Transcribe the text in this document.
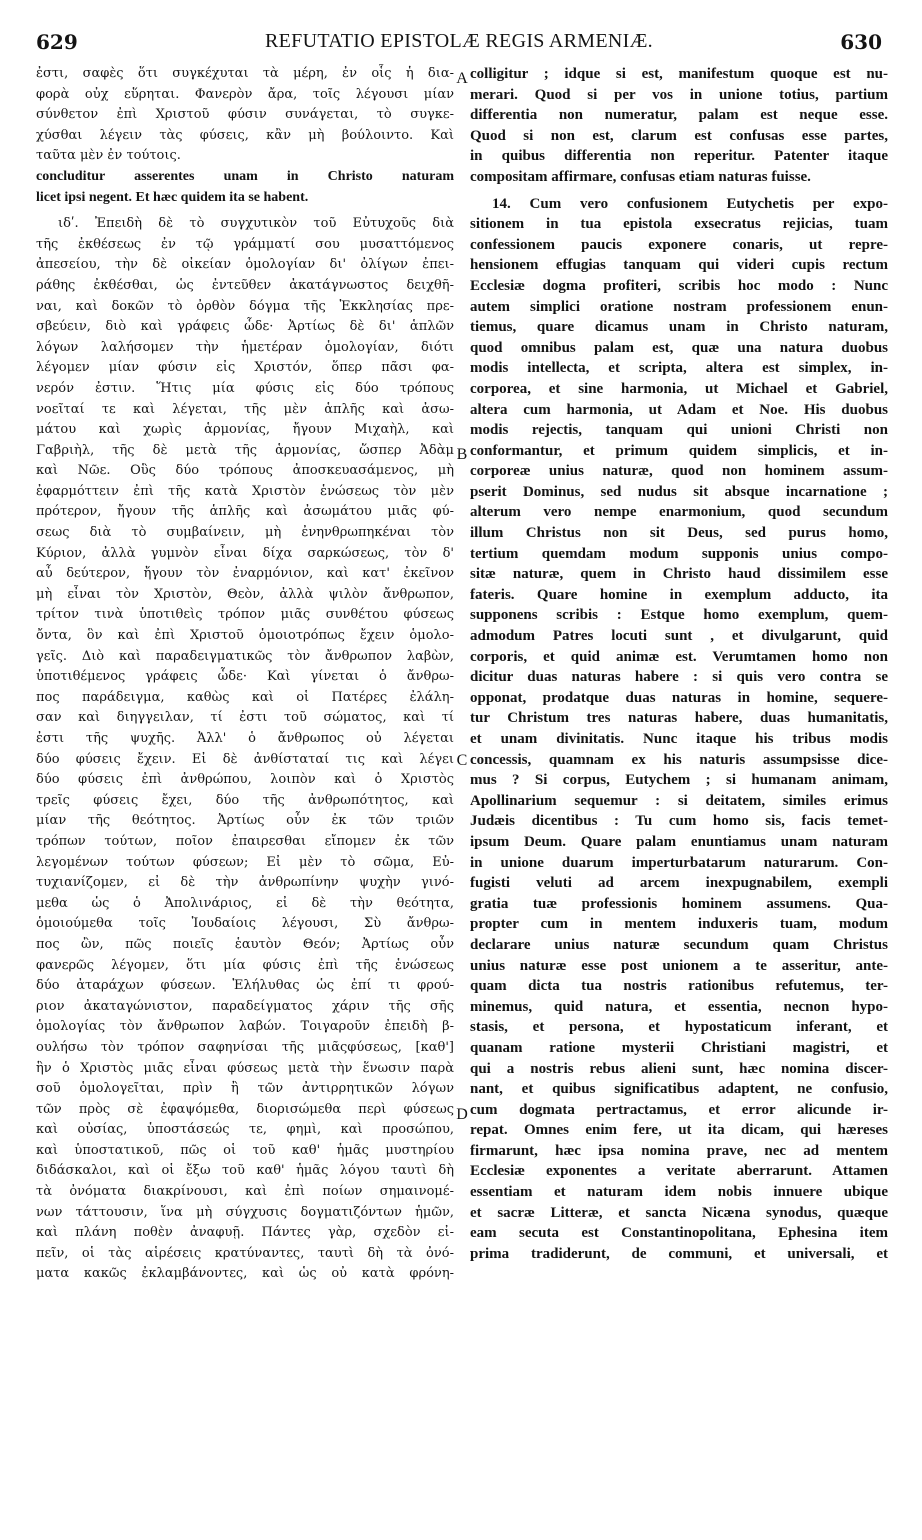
629	REFUTATIO EPISTOLÆ REGIS ARMENIÆ.	630
ἐστι, σαφὲς ὅτι συγκέχυται τὰ μέρη, ἐν οἷς ἡ δια-
φορὰ οὐχ εὕρηται. Φανερὸν ἄρα, τοῖς λέγουσι μίαν
σύνθετον ἐπὶ Χριστοῦ φύσιν συνάγεται, τὸ συγκε-
χύσθαι λέγειν τὰς φύσεις, κἂν μὴ βούλοιντο. Καὶ
ταῦτα μὲν ἐν τούτοις.
concluditur asserentes unam in Christo naturam
licet ipsi negent. Et hæc quidem ita se habent.
ιδʹ. Ἐπειδὴ δὲ τὸ συγχυτικὸν τοῦ Εὐτυχοῦς διὰ
τῆς ἐκθέσεως ἐν τῷ γράμματί σου μυσαττόμενος
ἀπεσείου, τὴν δὲ οἰκείαν ὁμολογίαν δι' ὀλίγων ἐπει-
ράθης ἐκθέσθαι, ὡς ἐντεῦθεν ἀκατάγνωστος δειχθῆ-
ναι, καὶ δοκῶν τὸ ὀρθὸν δόγμα τῆς Ἐκκλησίας πρε-
σβεύειν, διὸ καὶ γράφεις ὧδε· Ἀρτίως δὲ δι' ἁπλῶν
λόγων λαλήσομεν τὴν ἡμετέραν ὁμολογίαν, διότι
λέγομεν μίαν φύσιν εἰς Χριστόν, ὅπερ πᾶσι φα-
νερόν ἐστιν. Ἥτις μία φύσις εἰς δύο τρόπους
νοεῖταί τε καὶ λέγεται, τῆς μὲν ἁπλῆς καὶ ἀσω-
μάτου καὶ χωρὶς ἁρμονίας, ἤγουν Μιχαὴλ, καὶ
Γαβριὴλ, τῆς δὲ μετὰ τῆς ἁρμονίας, ὥσπερ Ἀδὰμ
καὶ Νῶε. Οὓς δύο τρόπους ἀποσκευασάμενος, μὴ
ἐφαρμόττειν ἐπὶ τῆς κατὰ Χριστὸν ἑνώσεως τὸν μὲν
πρότερον, ἤγουν τῆς ἁπλῆς καὶ ἀσωμάτου μιᾶς φύ-
σεως διὰ τὸ συμβαίνειν, μὴ ἐνηνθρωπηκέναι τὸν
Κύριον, ἀλλὰ γυμνὸν εἶναι δίχα σαρκώσεως, τὸν δ'
αὖ δεύτερον, ἤγουν τὸν ἐναρμόνιον, καὶ κατ' ἐκεῖνον
μὴ εἶναι τὸν Χριστὸν, Θεὸν, ἀλλὰ ψιλὸν ἄνθρωπον,
τρίτον τινὰ ὑποτιθεὶς τρόπον μιᾶς συνθέτου φύσεως
ὄντα, ὃν καὶ ἐπὶ Χριστοῦ ὁμοιοτρόπως ἔχειν ὁμολο-
γεῖς. Διὸ καὶ παραδειγματικῶς τὸν ἄνθρωπον λαβὼν,
ὑποτιθέμενος γράφεις ὧδε· Καὶ γίνεται ὁ ἄνθρω-
πος παράδειγμα, καθὼς καὶ οἱ Πατέρες ἐλάλη-
σαν καὶ διηγγειλαν, τί ἐστι τοῦ σώματος, καὶ τί
ἐστι τῆς ψυχῆς. Ἀλλ' ὁ ἄνθρωπος οὐ λέγεται
δύο φύσεις ἔχειν. Εἰ δὲ ἀνθίσταταί τις καὶ λέγει
δύο φύσεις ἐπὶ ἀνθρώπου, λοιπὸν καὶ ὁ Χριστὸς
τρεῖς φύσεις ἔχει, δύο τῆς ἀνθρωπότητος, καὶ
μίαν τῆς θεότητος. Ἀρτίως οὖν ἐκ τῶν τριῶν
τρόπων τούτων, ποῖον ἐπαιρεσθαι εἴπομεν ἐκ τῶν
λεγομένων τούτων φύσεων; Εἰ μὲν τὸ σῶμα, Εὐ-
τυχιανίζομεν, εἰ δὲ τὴν ἀνθρωπίνην ψυχὴν γινό-
μεθα ὡς ὁ Ἀπολινάριος, εἰ δὲ τὴν θεότητα,
ὁμοιούμεθα τοῖς Ἰουδαίοις λέγουσι, Σὺ ἄνθρω-
πος ὢν, πῶς ποιεῖς ἑαυτὸν Θεόν; Ἀρτίως οὖν
φανερῶς λέγομεν, ὅτι μία φύσις ἐπὶ τῆς ἑνώσεως
δύο ἀταράχων φύσεων. Ἐλήλυθας ὡς ἐπί τι φρού-
ριον ἀκαταγώνιστον, παραδείγματος χάριν τῆς σῆς
ὁμολογίας τὸν ἄνθρωπον λαβών. Τοιγαροῦν ἐπειδὴ β-
ουλήσω τὸν τρόπον σαφηνίσαι τῆς μιᾶςφύσεως, [καθ']
ἣν ὁ Χριστὸς μιᾶς εἶναι φύσεως μετὰ τὴν ἕνωσιν παρὰ
σοῦ ὁμολογεῖται, πρὶν ἢ τῶν ἀντιρρητικῶν λόγων
τῶν πρὸς σὲ ἐφαψόμεθα, διορισώμεθα περὶ φύσεως
καὶ οὐσίας, ὑποστάσεώς τε, φημὶ, καὶ προσώπου,
καὶ ὑποστατικοῦ, πῶς οἱ τοῦ καθ' ἡμᾶς μυστηρίου
διδάσκαλοι, καὶ οἱ ἔξω τοῦ καθ' ἡμᾶς λόγου ταυτὶ δὴ
τὰ ὀνόματα διακρίνουσι, καὶ ἐπὶ ποίων σημαινομέ-
νων τάττουσιν, ἵνα μὴ σύγχυσις δογματιζόντων ἡμῶν,
καὶ πλάνη ποθὲν ἀναφυῇ. Πάντες γὰρ, σχεδὸν εἰ-
πεῖν, οἱ τὰς αἱρέσεις κρατύναντες, ταυτὶ δὴ τὰ ὀνό-
ματα κακῶς ἐκλαμβάνοντες, καὶ ὡς οὐ κατὰ φρόνη-
colligitur ; idque si est, manifestum quoque est nu-
merari. Quod si per vos in unione totius, partium
differentia non numeratur, palam est neque esse.
Quod si non est, clarum est confusas esse partes,
in quibus differentia non reperitur. Patenter itaque
compositam affirmare, confusas etiam naturas fuisse.
14. Cum vero confusionem Eutychetis per expo-
sitionem in tua epistola exsecratus rejicias, tuam
confessionem paucis exponere conaris, ut repre-
hensionem effugias tanquam qui videri cupis rectum
Ecclesiæ dogma profiteri, scribis hoc modo : Nunc
autem simplici oratione nostram professionem enun-
tiemus, quare dicamus unam in Christo naturam,
quod omnibus palam est, quæ una natura duobus
modis intellecta, et scripta, altera est simplex, in-
corporea, et sine harmonia, ut Michael et Gabriel,
altera cum harmonia, ut Adam et Noe. His duobus
modis rejectis, tanquam qui unioni Christi non
conformantur, et primum quidem simplicis, et in-
corporeæ unius naturæ, quod non hominem assum-
pserit Dominus, sed nudus sit absque incarnatione ;
alterum vero nempe enarmonium, quod secundum
illum Christus non sit Deus, sed purus homo,
tertium quemdam modum supponis unius compo-
sitæ naturæ, quem in Christo haud dissimilem esse
fateris. Quare homine in exemplum adducto, ita
supponens scribis : Estque homo exemplum, quem-
admodum Patres locuti sunt , et divulgarunt, quid
corporis, et quid animæ est. Verumtamen homo non
dicitur duas naturas habere : si quis vero contra se
opponat, prodatque duas naturas in homine, sequere-
tur Christum tres naturas habere, duas humanitatis,
et unam divinitatis. Nunc itaque his tribus modis
concessis, quamnam ex his naturis assumpsisse dice-
mus ? Si corpus, Eutychem ; si humanam animam,
Apollinarium sequemur : si deitatem, similes erimus
Judæis dicentibus : Tu cum homo sis, facis temet-
ipsum Deum. Quare palam enuntiamus unam naturam
in unione duarum imperturbatarum naturarum. Con-
fugisti veluti ad arcem inexpugnabilem, exempli
gratia tuæ professionis hominem assumens. Qua-
propter cum in mentem induxeris tuam, modum
declarare unius naturæ secundum quam Christus
unius naturæ esse post unionem a te asseritur, ante-
quam dicta tua nostris rationibus refutemus, ter-
minemus, quid natura, et essentia, necnon hypo-
stasis, et persona, et hypostaticum inferant, et
quanam ratione mysterii Christiani magistri, et
qui a nostris rebus alieni sunt, hæc nomina discer-
nant, et quibus significatibus adaptent, ne confusio,
cum dogmata pertractamus, et error alicunde ir-
repat. Omnes enim fere, ut ita dicam, qui hæreses
firmarunt, hæc ipsa nomina prave, nec ad mentem
Ecclesiæ exponentes a veritate aberrarunt. Attamen
essentiam et naturam idem nobis innuere ubique
et sacræ Litteræ, et sancta Nicæna synodus, quæque
eam secuta est Constantinopolitana, Ephesina item
prima tradiderunt, de communi, et universali, et
A
B
C
D
